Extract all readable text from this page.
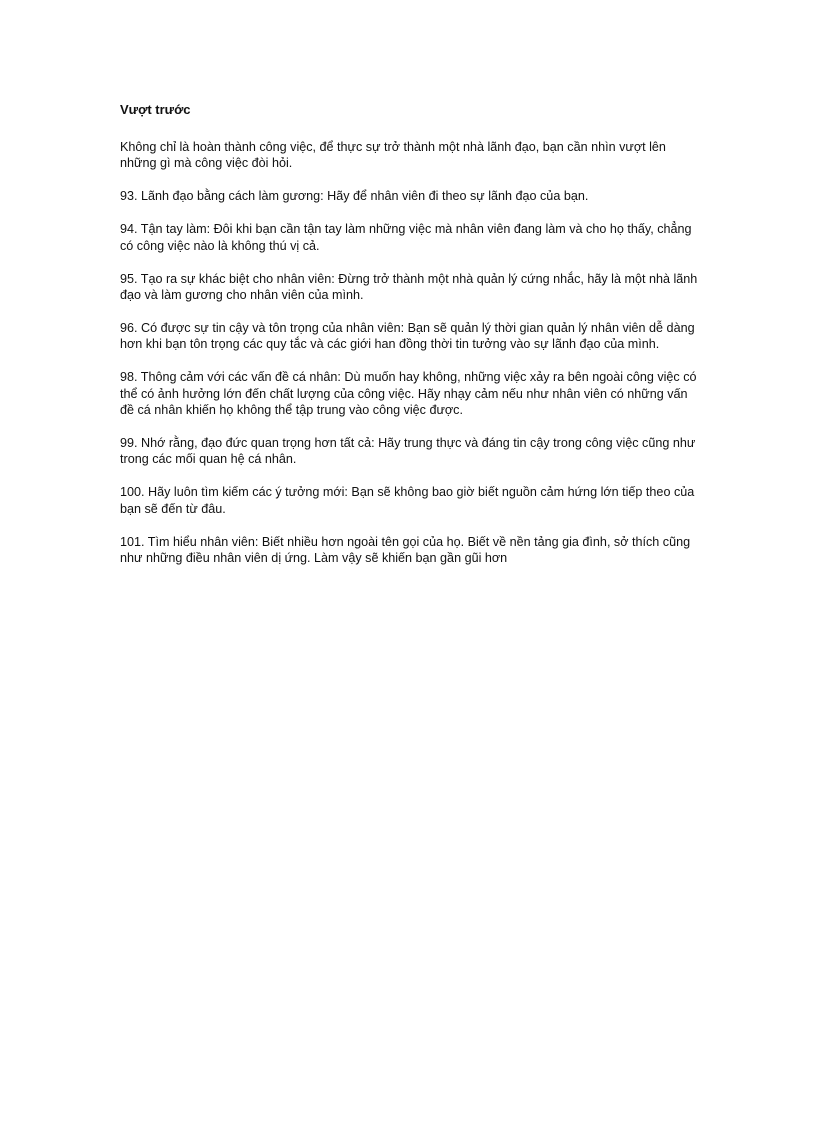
Vượt trước

Không chỉ là hoàn thành công việc, để thực sự trở thành một nhà lãnh đạo, bạn cần nhìn vượt lên những gì mà công việc đòi hỏi.

93. Lãnh đạo bằng cách làm gương: Hãy để nhân viên đi theo sự lãnh đạo của bạn.

94. Tận tay làm: Đôi khi bạn cần tận tay làm những việc mà nhân viên đang làm và cho họ thấy, chẳng có công việc nào là không thú vị cả.

95. Tạo ra sự khác biệt cho nhân viên: Đừng trở thành một nhà quản lý cứng nhắc, hãy là một nhà lãnh đạo và làm gương cho nhân viên của mình.

96. Có được sự tin cậy và tôn trọng của nhân viên: Bạn sẽ quản lý thời gian quản lý nhân viên dễ dàng hơn khi bạn tôn trọng các quy tắc và các giới han đồng thời tin tưởng vào sự lãnh đạo của mình.

98. Thông cảm với các vấn đề cá nhân: Dù muốn hay không, những việc xảy ra bên ngoài công việc có thể có ảnh hưởng lớn đến chất lượng của công việc. Hãy nhạy cảm nếu như nhân viên có những vấn đề cá nhân khiến họ không thể tập trung vào công việc được.

99. Nhớ rằng, đạo đức quan trọng hơn tất cả: Hãy trung thực và đáng tin cậy trong công việc cũng như trong các mối quan hệ cá nhân.

100. Hãy luôn tìm kiếm các ý tưởng mới: Bạn sẽ không bao giờ biết nguồn cảm hứng lớn tiếp theo của bạn sẽ đến từ đâu.

101. Tìm hiểu nhân viên: Biết nhiều hơn ngoài tên gọi của họ. Biết về nền tảng gia đình, sở thích cũng như những điều nhân viên dị ứng. Làm vậy sẽ khiến bạn gần gũi hơn
